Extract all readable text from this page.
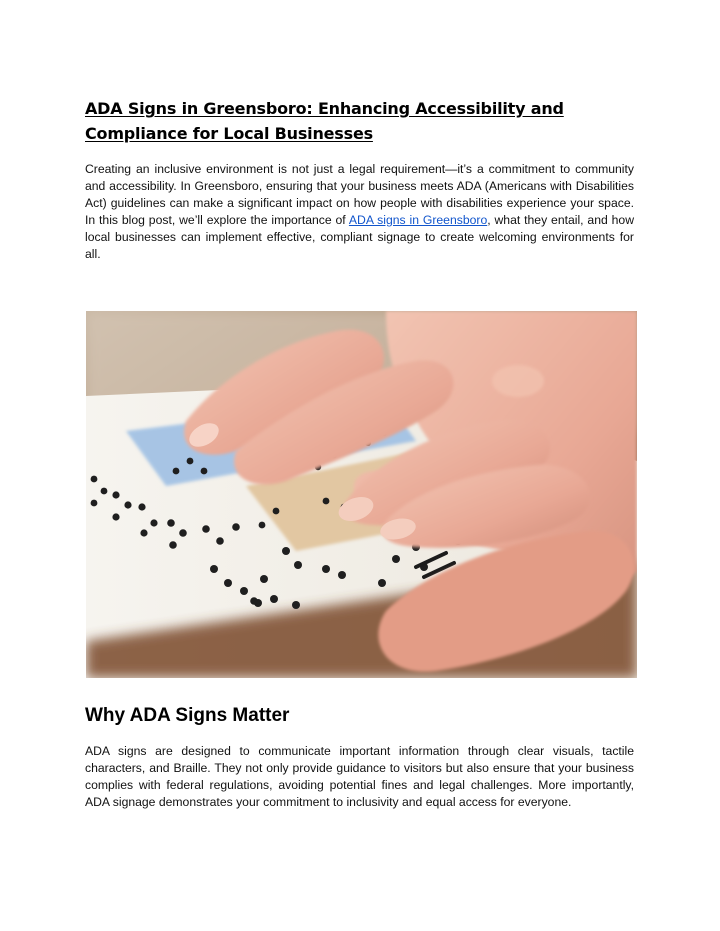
ADA Signs in Greensboro: Enhancing Accessibility and Compliance for Local Businesses

Creating an inclusive environment is not just a legal requirement—it’s a commitment to community and accessibility. In Greensboro, ensuring that your business meets ADA (Americans with Disabilities Act) guidelines can make a significant impact on how people with disabilities experience your space. In this blog post, we’ll explore the importance of ADA signs in Greensboro, what they entail, and how local businesses can implement effective, compliant signage to create welcoming environments for all.

Why ADA Signs Matter

ADA signs are designed to communicate important information through clear visuals, tactile characters, and Braille. They not only provide guidance to visitors but also ensure that your business complies with federal regulations, avoiding potential fines and legal challenges. More importantly, ADA signage demonstrates your commitment to inclusivity and equal access for everyone.
